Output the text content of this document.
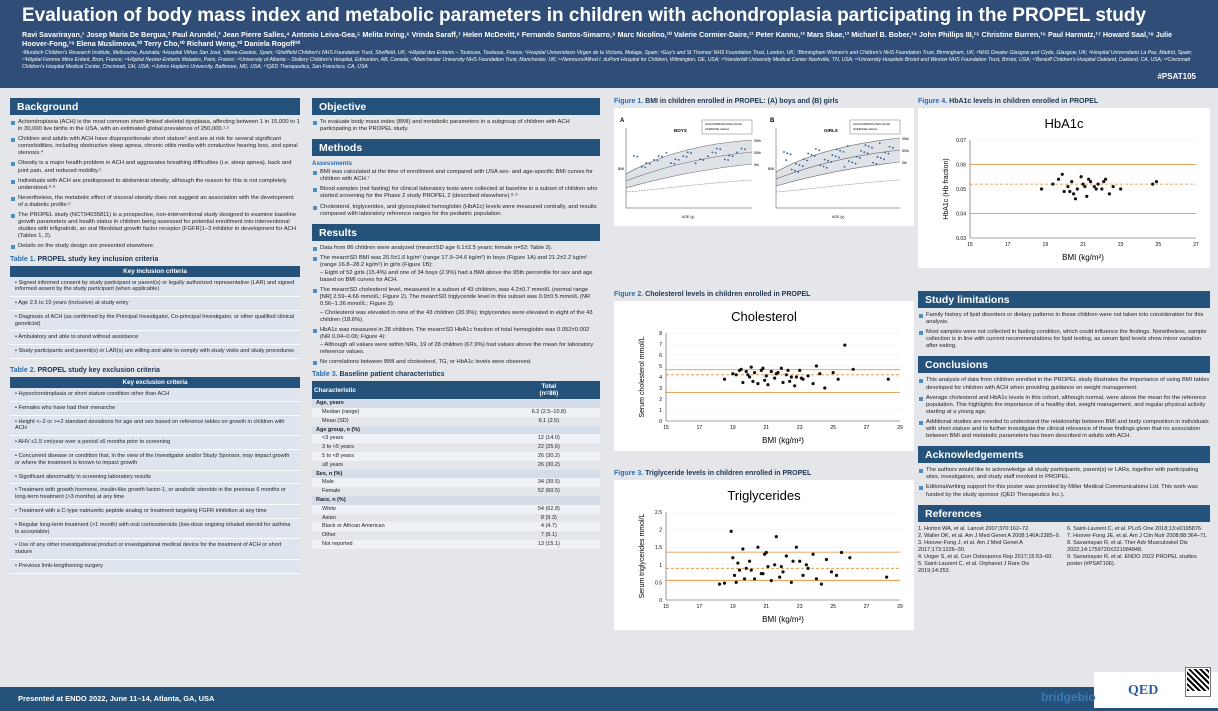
Evaluation of body mass index and metabolic parameters in children with achondroplasia participating in the PROPEL study
Ravi Savarirayan,¹ Josep Maria De Bergua,² Paul Arundel,³ Jean Pierre Salles,⁴ Antonio Leiva-Gea,⁵ Melita Irving,⁶ Vrinda Saraff,⁷ Helen McDevitt,⁸ Fernando Santos-Simarro,⁹ Marc Nicolino,¹⁰ Valerie Cormier-Daire,¹¹ Peter Kannu,¹² Mars Skae,¹³ Michael B. Bober,¹⁴ John Phillips III,¹⁵ Christine Burren,¹⁶ Paul Harmatz,¹⁷ Howard Saal,¹⁸ Julie Hoover-Fong,¹⁹ Elena Muslimova,²⁰ Terry Cho,²⁰ Richard Weng,²⁰ Daniela Rogoff²⁰
¹Murdoch Children's Research Institute, Melbourne, Australia; ²Hospital Vithas San José, Vitoria-Gasteiz, Spain; ³Sheffield Children's NHS Foundation Trust, Sheffield, UK; ⁴Hôpital des Enfants – Toulouse, Toulouse, France; ⁵Hospital Universitario Virgen de la Victoria, Malaga, Spain; ⁶Guy's and St Thomas' NHS Foundation Trust, London, UK; ⁷Birmingham Women's and Children's NHS Foundation Trust, Birmingham, UK; ⁸NHS Greater Glasgow and Clyde, Glasgow, UK; ⁹Hospital Universitario La Paz, Madrid, Spain; ¹⁰Hôpital Femme Mère Enfant, Bron, France; ¹¹Hôpital Necker-Enfants Malades, Paris, France; ¹²University of Alberta – Stollery Children's Hospital, Edmonton, AB, Canada; ¹³Manchester University NHS Foundation Trust, Manchester, UK; ¹⁴Nemours/Alfred I. duPont Hospital for Children, Wilmington, DE, USA; ¹⁵Vanderbilt University Medical Center Nashville, TN, USA; ¹⁶University Hospitals Bristol and Weston NHS Foundation Trust, Bristol, USA; ¹⁷Benioff Children's Hospital Oakland, Oakland, CA, USA; ¹⁸Cincinnati Children's Hospital Medical Center, Cincinnati, OH, USA; ¹⁹Johns Hopkins University, Baltimore, MD, USA; ²⁰QED Therapeutics, San Francisco, CA, USA
#PSAT105
Background
Achondroplasia (ACH) is the most common short-limbed skeletal dysplasia, affecting between 1 in 15,000 to 1 in 30,000 live births in the USA, with an estimated global prevalence of 250,000.¹·²
Children and adults with ACH have disproportionate short stature³ and are at risk for several significant comorbidities, including obstructive sleep apnea, chronic otitis media with conductive hearing loss, and spinal stenosis.⁴
Obesity is a major health problem in ACH and aggravates breathing difficulties (i.e. sleep apnea), back and joint pain, and reduced mobility.⁵
Individuals with ACH are predisposed to abdominal obesity, although the reason for this is not completely understood.⁶·⁶
Nevertheless, the metabolic effect of visceral obesity does not suggest an association with the development of a diabetic profile.⁶
The PROPEL study (NCT04035811) is a prospective, non-interventional study designed to examine baseline growth parameters and health status in children being assessed for potential enrollment into interventional studies with infigratinib, an oral fibroblast growth factor receptor (FGFR)1–3 inhibitor in development for ACH (Tables 1, 2).
Details on the study design are presented elsewhere.
Table 1. PROPEL study key inclusion criteria
Key inclusion criteria
• Signed informed consent by study participant or parent(s) or legally authorized representative (LAR) and signed informed assent by the study participant (when applicable)
• Age 2.5 to 10 years (inclusive) at study entry
• Diagnosis of ACH (as confirmed by the Principal Investigator, Co-principal Investigator, or other qualified clinical geneticist)
• Ambulatory and able to stand without assistance
• Study participants and parent(s) or LAR(s) are willing and able to comply with study visits and study procedures
Table 2. PROPEL study key exclusion criteria
Key exclusion criteria
• Hypochondroplasia or short stature condition other than ACH
• Females who have had their menarche
• Height <–2 or >+2 standard deviations for age and sex based on reference tables on growth in children with ACH
• AHV ≤1.5 cm/year over a period ≥6 months prior to screening
• Concurrent disease or condition that, in the view of the Investigator and/or Study Sponsor, may impact growth or where the treatment is known to impact growth
• Significant abnormality in screening laboratory results
• Treatment with growth hormone, insulin-like growth factor-1, or anabolic steroids in the previous 6 months or long-term treatment (>3 months) at any time
• Treatment with a C-type natriuretic peptide analog or treatment targeting FGFR inhibition at any time
• Regular long-term treatment (>1 month) with oral corticosteroids (low-dose ongoing inhaled steroid for asthma is acceptable)
• Use of any other investigational product or investigational medical device for the treatment of ACH or short stature
• Previous limb-lengthening surgery
Objective
To evaluate body mass index (BMI) and metabolic parameters in a subgroup of children with ACH participating in the PROPEL study.
Methods
Assessments
BMI was calculated at the time of enrollment and compared with USA sex- and age-specific BMI curves for children with ACH.⁷
Blood samples (not fasting) for clinical laboratory tests were collected at baseline in a subset of children who started screening for the Phase 2 study PROPEL 2 (described elsewhere).⁸·⁹
Cholesterol, triglycerides, and glycosylated hemoglobin (HbA1c) levels were measured centrally, and results compared with laboratory reference ranges for the pediatric population.
Results
Data from 86 children were analyzed (mean±SD age 6.1±2.5 years; female n=52; Table 3).
The mean±SD BMI was 20.5±1.6 kg/m² (range 17.9–24.6 kg/m²) in boys (Figure 1A) and 21.2±2.2 kg/m² (range 16.8–28.2 kg/m²) in girls (Figure 1B):
– Eight of 52 girls (15.4%) and one of 34 boys (2.9%) had a BMI above the 95th percentile for sex and age based on BMI curves for ACH.
The mean±SD cholesterol level, measured in a subset of 43 children, was 4.2±0.7 mmol/L (normal range [NR] 2.59–4.66 mmol/L; Figure 2). The mean±SD triglyceride level in this subset was 0.9±0.5 mmol/L (NR 0.56–1.36 mmol/L; Figure 3):
– Cholesterol was elevated in nine of the 43 children (20.9%); triglycerides were elevated in eight of the 43 children (18.6%).
HbA1c was measured in 28 children. The mean±SD HbA1c fraction of total hemoglobin was 0.052±0.002 (NR 0.04–0.06; Figure 4):
– Although all values were within NRs, 19 of 28 children (67.9%) had values above the mean for laboratory reference values.
No correlations between BMI and cholesterol, TG, or HbA1c levels were observed.
Table 3. Baseline patient characteristics
Characteristic	Total
(n=86)
Age, years	
Median (range)	6.2 (2.5–10.8)
Mean (SD)	6.1 (2.5)
Age group, n (%)	
<3 years	12 (14.0)
3 to <5 years	22 (25.6)
5 to <8 years	26 (30.2)
≥8 years	26 (30.2)
Sex, n (%)	
Male	34 (39.5)
Female	52 (60.5)
Race, n (%)	
White	54 (62.8)
Asian	8 (9.3)
Black or African American	4 (4.7)
Other	7 (8.1)
Not reported	13 (15.1)
Figure 1. BMI in children enrolled in PROPEL: (A) boys and (B) girls
A
BOYS
ACHONDROPLASIA (ACH)
AVERAGE stature
95th
50th
5th
AGE (y)
BMI
B
GIRLS
ACHONDROPLASIA (ACH)
AVERAGE stature
95th
50th
5th
AGE (y)
BMI
Figure 2. Cholesterol levels in children enrolled in PROPEL
Cholesterol
0
1
2
3
4
5
6
7
8
15	17	19	21	23	25	27	29
BMI (kg/m²)
Serum cholesterol mmol/L
Figure 3. Triglyceride levels in children enrolled in PROPEL
Triglycerides
0
0.5
1
1.5
2
2.5
15	17	19	21	23	25	27	29
BMI (kg/m²)
Serum triglycerides mmol/L
Figure 4. HbA1c levels in children enrolled in PROPEL
HbA1c
0.03
0.04
0.05
0.06
0.07
15	17	19	21	23	25	27
BMI (kg/m²)
HbA1c (Hb fraction)
Study limitations
Family history of lipid disorders or dietary patterns in these children were not taken into consideration for this analysis.
Most samples were not collected in fasting condition, which could influence the findings. Nonetheless, sample collection is in line with current recommendations for lipid testing, as serum lipid levels show minor variation after eating.
Conclusions
This analysis of data from children enrolled in the PROPEL study illustrates the importance of using BMI tables developed for children with ACH when providing guidance on weight management.
Average cholesterol and HbA1c levels in this cohort, although normal, were above the mean for the reference population. This highlights the importance of a healthy diet, weight management, and regular physical activity starting at a young age.
Additional studies are needed to understand the relationship between BMI and body composition in individuals with short stature and to further investigate the clinical relevance of these findings given that no association between BMI and metabolic parameters has been described in adults with ACH.
Acknowledgements
The authors would like to acknowledge all study participants, parent(s) or LARs, together with participating sites, investigators, and study staff involved in PROPEL.
Editorial/writing support for this poster was provided by Miller Medical Communications Ltd. This work was funded by the study sponsor (QED Therapeutics Inc.).
References
1. Horton WA, et al. Lancet 2007;370:162–72.
2. Waller DK, et al. Am J Med Genet A 2008;146A:2385–9.
3. Hoover-Fong J, et al. Am J Med Genet A 2017;173:1226–30.
4. Unger S, et al. Curr Osteoporos Rep 2017;15:53–60.
5. Saint-Laurent C, et al. Orphanet J Rare Dis 2019;14:253.
6. Saint-Laurent C, et al. PLoS One 2018;13:e0195876.
7. Hoover-Fong JE, et al. Am J Clin Nutr 2008;88:364–71.
8. Savarirayan R, et al. Ther Adv Musculoskel Dis 2022;14:1759720X221084848.
9. Savarirayan R, et al. ENDO 2022 PROPEL studies poster (#PSAT106).
Presented at ENDO 2022, June 11–14, Atlanta, GA, USA	bridgebio QED
